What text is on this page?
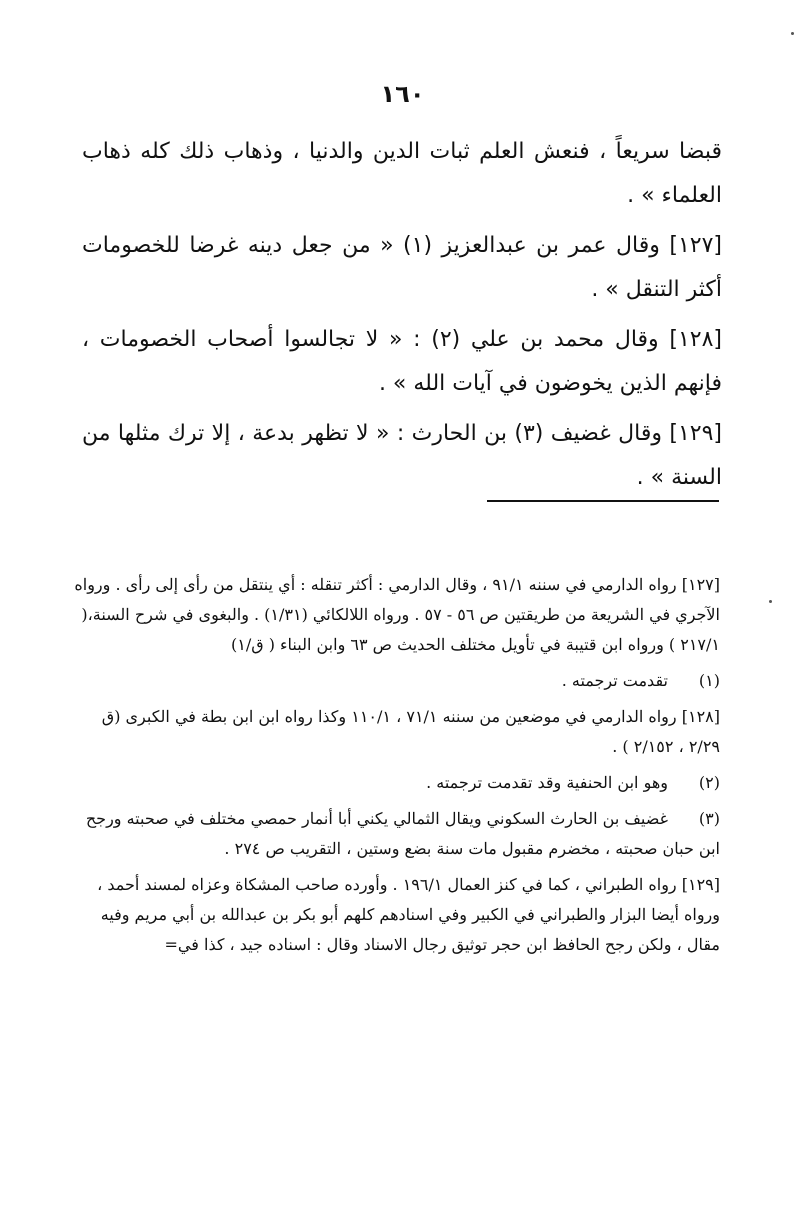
١٦٠

قبضا سريعاً ، فنعش العلم ثبات الدين والدنيا ، وذهاب ذلك كله ذهاب العلماء » .

[١٢٧] وقال عمر بن عبدالعزيز (١) « من جعل دينه غرضا للخصومات أكثر التنقل » .

[١٢٨] وقال محمد بن علي (٢) : « لا تجالسوا أصحاب الخصومات ، فإنهم الذين يخوضون في آيات الله » .

[١٢٩] وقال غضيف (٣) بن الحارث : « لا تظهر بدعة ، إلا ترك مثلها من السنة » .

[١٢٧] رواه الدارمي في سننه ٩١/١ ، وقال الدارمي : أكثر تنقله : أي ينتقل من رأى إلى رأى . ورواه الآجري في الشريعة من طريقتين ص ٥٦ - ٥٧ . ورواه اللالكائي (١/٣١) . والبغوى في شرح السنة،( ٢١٧/١ ) ورواه ابن قتيبة في تأويل مختلف الحديث ص ٦٣ وابن البناء ( ق/١)
(١)تقدمت ترجمته .
[١٢٨] رواه الدارمي في موضعين من سننه ٧١/١ ، ١١٠/١ وكذا رواه ابن ابن بطة في الكبرى (ق ٢/٢٩ ، ٢/١٥٢ ) .
(٢)وهو ابن الحنفية وقد تقدمت ترجمته .
(٣)غضيف بن الحارث السكوني ويقال الثمالي يكني أبا أنمار حمصي مختلف في صحبته ورجح ابن حبان صحبته ، مخضرم مقبول مات سنة بضع وستين ، التقريب ص ٢٧٤ .
[١٢٩] رواه الطبراني ، كما في كنز العمال ١٩٦/١ . وأورده صاحب المشكاة وعزاه لمسند أحمد ، ورواه أيضا البزار والطبراني في الكبير وفي اسنادهم كلهم أبو بكر بن عبدالله بن أبي مريم وفيه مقال ، ولكن رجح الحافظ ابن حجر توثيق رجال الاسناد وقال : اسناده جيد ، كذا في=
